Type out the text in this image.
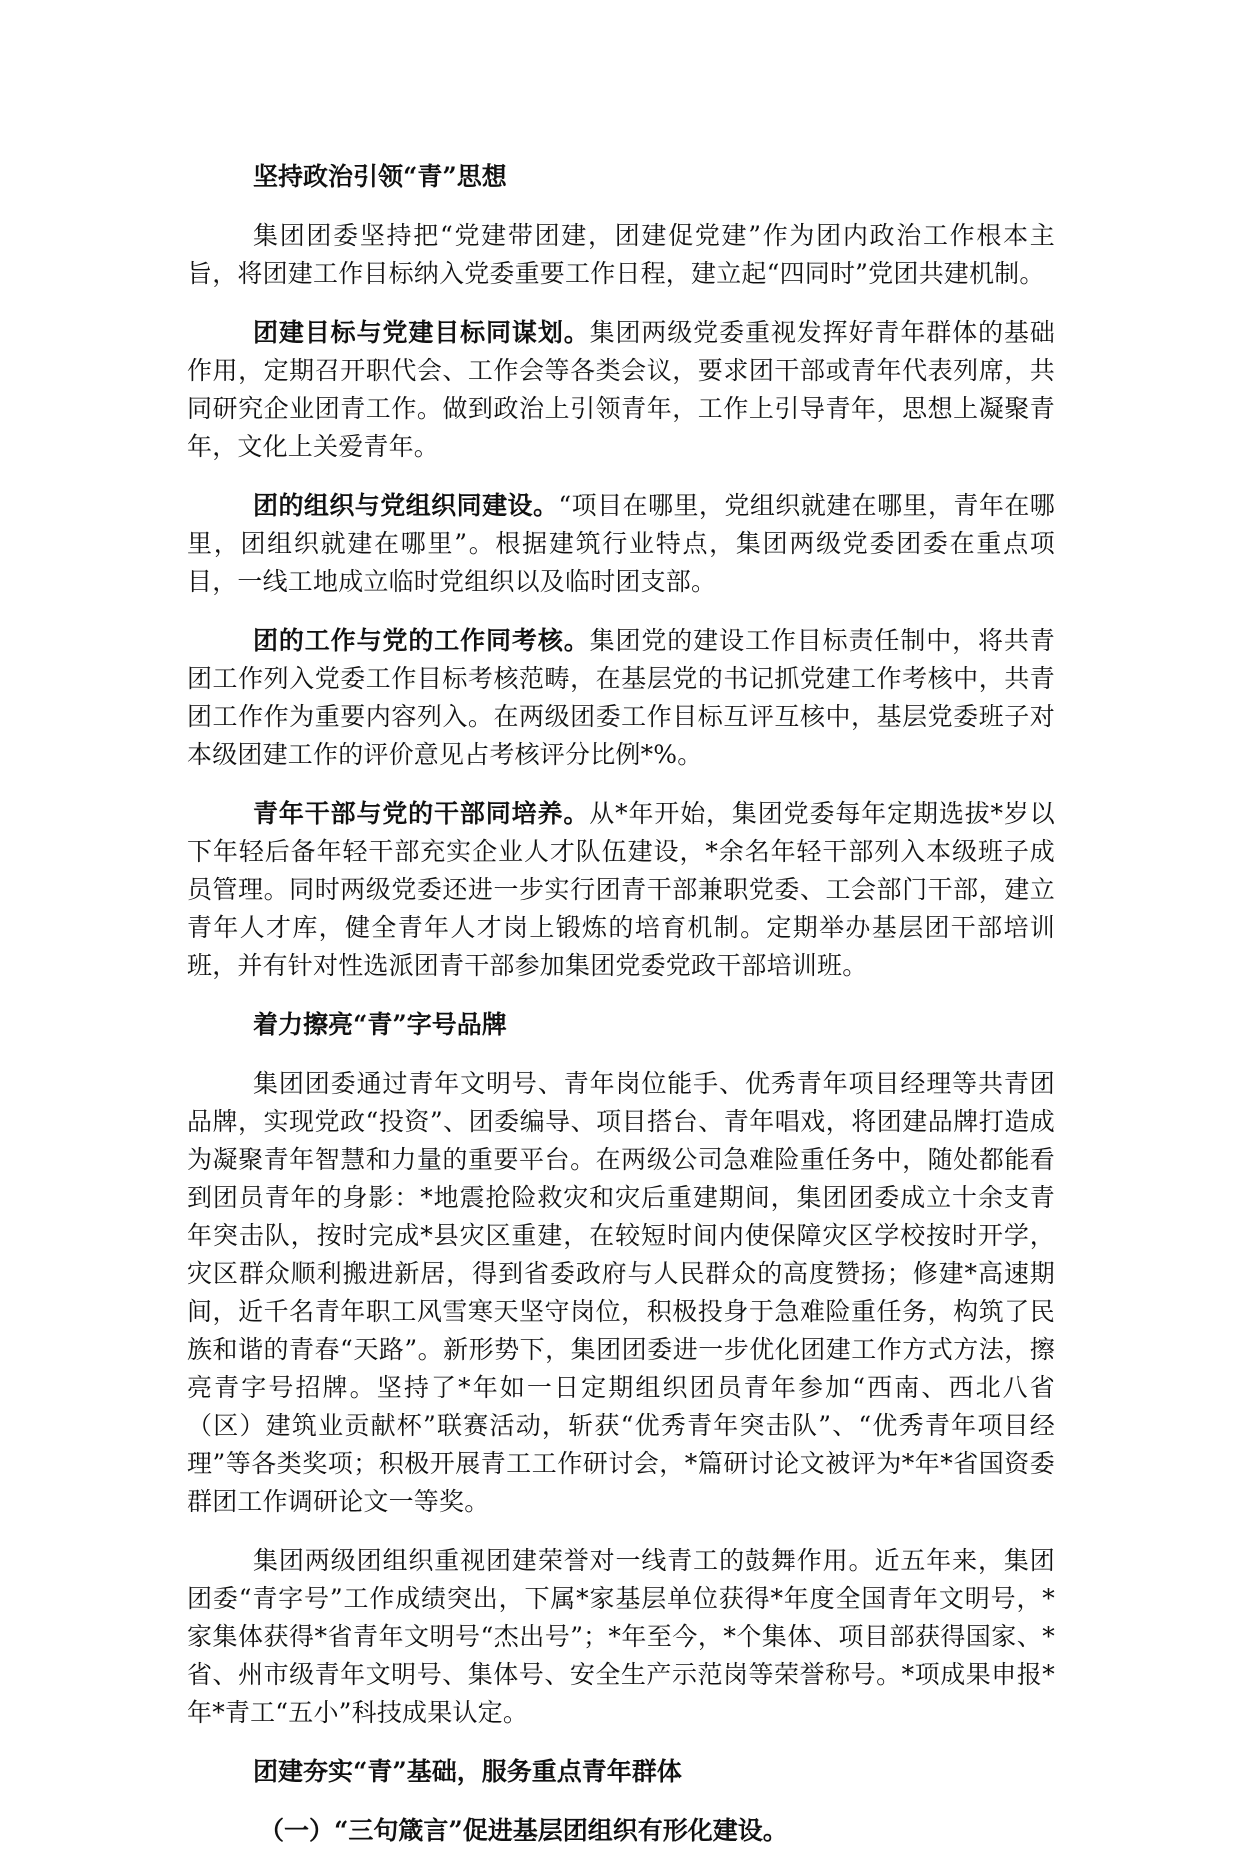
坚持政治引领“青”思想

集团团委坚持把“党建带团建，团建促党建”作为团内政治工作根本主旨，将团建工作目标纳入党委重要工作日程，建立起“四同时”党团共建机制。

团建目标与党建目标同谋划。集团两级党委重视发挥好青年群体的基础作用，定期召开职代会、工作会等各类会议，要求团干部或青年代表列席，共同研究企业团青工作。做到政治上引领青年，工作上引导青年，思想上凝聚青年，文化上关爱青年。

团的组织与党组织同建设。“项目在哪里，党组织就建在哪里，青年在哪里，团组织就建在哪里”。根据建筑行业特点，集团两级党委团委在重点项目，一线工地成立临时党组织以及临时团支部。

团的工作与党的工作同考核。集团党的建设工作目标责任制中，将共青团工作列入党委工作目标考核范畴，在基层党的书记抓党建工作考核中，共青团工作作为重要内容列入。在两级团委工作目标互评互核中，基层党委班子对本级团建工作的评价意见占考核评分比例*%。

青年干部与党的干部同培养。从*年开始，集团党委每年定期选拔*岁以下年轻后备年轻干部充实企业人才队伍建设，*余名年轻干部列入本级班子成员管理。同时两级党委还进一步实行团青干部兼职党委、工会部门干部，建立青年人才库，健全青年人才岗上锻炼的培育机制。定期举办基层团干部培训班，并有针对性选派团青干部参加集团党委党政干部培训班。

着力擦亮“青”字号品牌

集团团委通过青年文明号、青年岗位能手、优秀青年项目经理等共青团品牌，实现党政“投资”、团委编导、项目搭台、青年唱戏，将团建品牌打造成为凝聚青年智慧和力量的重要平台。在两级公司急难险重任务中，随处都能看到团员青年的身影：*地震抢险救灾和灾后重建期间，集团团委成立十余支青年突击队，按时完成*县灾区重建，在较短时间内使保障灾区学校按时开学，灾区群众顺利搬进新居，得到省委政府与人民群众的高度赞扬；修建*高速期间，近千名青年职工风雪寒天坚守岗位，积极投身于急难险重任务，构筑了民族和谐的青春“天路”。新形势下，集团团委进一步优化团建工作方式方法，擦亮青字号招牌。坚持了*年如一日定期组织团员青年参加“西南、西北八省（区）建筑业贡献杯”联赛活动，斩获“优秀青年突击队”、“优秀青年项目经理”等各类奖项；积极开展青工工作研讨会，*篇研讨论文被评为*年*省国资委群团工作调研论文一等奖。

集团两级团组织重视团建荣誉对一线青工的鼓舞作用。近五年来，集团团委“青字号”工作成绩突出，下属*家基层单位获得*年度全国青年文明号，*家集体获得*省青年文明号“杰出号”；*年至今，*个集体、项目部获得国家、*省、州市级青年文明号、集体号、安全生产示范岗等荣誉称号。*项成果申报*年*青工“五小”科技成果认定。

团建夯实“青”基础，服务重点青年群体
（一）“三句箴言”促进基层团组织有形化建设。
